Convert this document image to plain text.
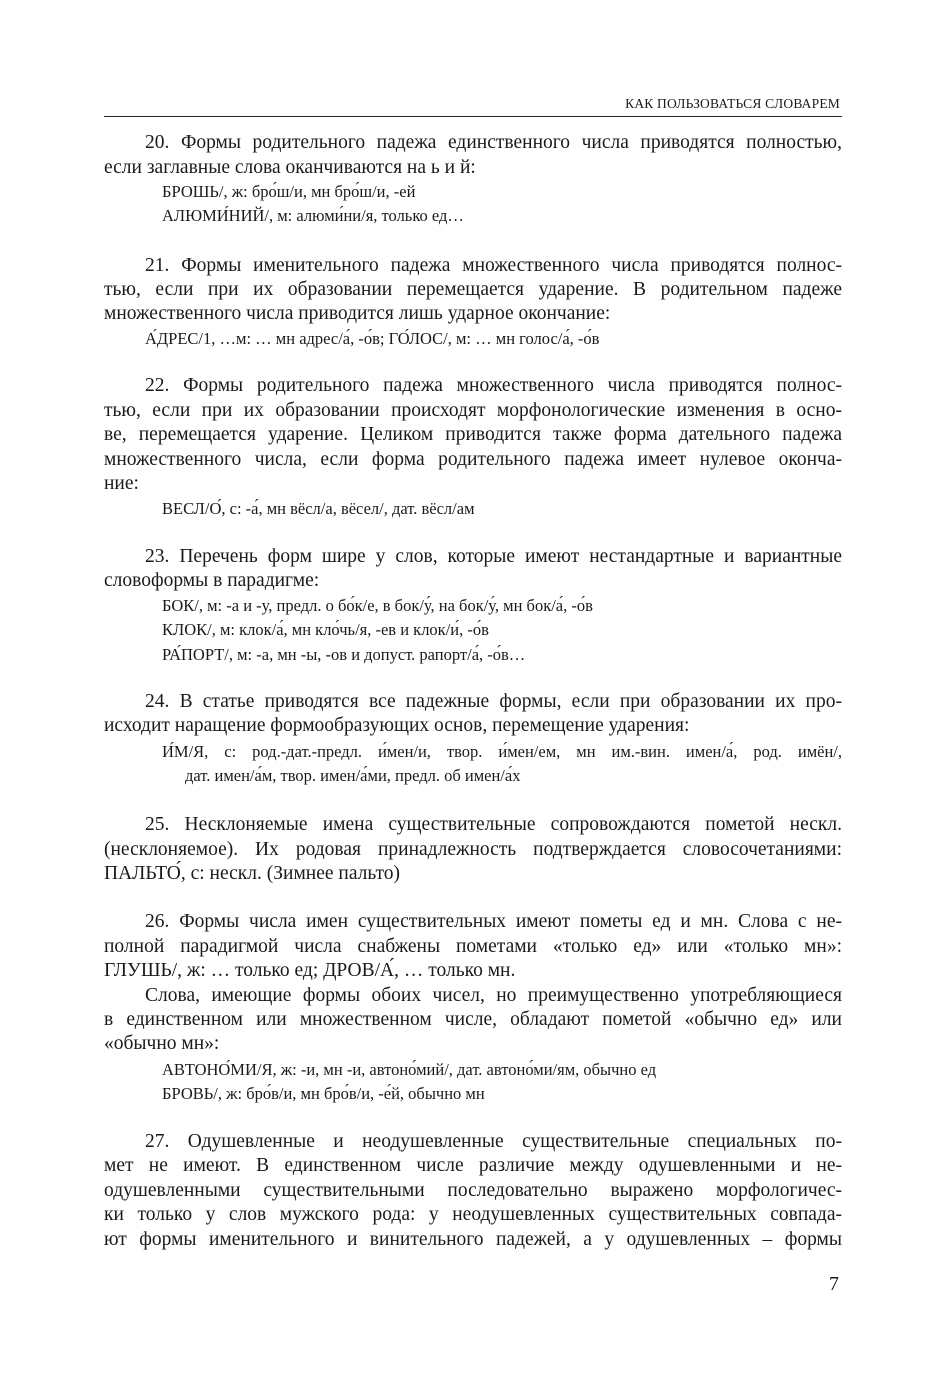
КАК ПОЛЬЗОВАТЬСЯ СЛОВАРЕМ
20. Формы родительного падежа единственного числа приводятся полностью,
если заглавные слова оканчиваются на ь и й:
БРОШЬ/, ж: бро́ш/и, мн бро́ш/и, -ей
АЛЮМИ́НИЙ/, м: алюми́ни/я, только ед…
21. Формы именительного падежа множественного числа приводятся полнос-
тью, если при их образовании перемещается ударение. В родительном падеже
множественного числа приводится лишь ударное окончание:
А́ДРЕС/1, …м: … мн адрес/а́, -о́в; ГО́ЛОС/, м: … мн голос/а́, -о́в
22. Формы родительного падежа множественного числа приводятся полнос-
тью, если при их образовании происходят морфонологические изменения в осно-
ве, перемещается ударение. Целиком приводится также форма дательного падежа
множественного числа, если форма родительного падежа имеет нулевое оконча-
ние:
ВЕСЛ/О́, с: -а́, мн вёсл/а, вёсел/, дат. вёсл/ам
23. Перечень форм шире у слов, которые имеют нестандартные и вариантные
словоформы в парадигме:
БОК/, м: -а и -у, предл. о бо́к/е, в бок/у́, на бок/у́, мн бок/а́, -о́в
КЛОК/, м: клок/а́, мн кло́чь/я, -ев и клок/и́, -о́в
РА́ПОРТ/, м: -а, мн -ы, -ов и допуст. рапорт/а́, -о́в…
24. В статье приводятся все падежные формы, если при образовании их про-
исходит наращение формообразующих основ, перемещение ударения:
И́М/Я, с: род.-дат.-предл. и́мен/и, твор. и́мен/ем, мн им.-вин. имен/а́, род. имён/,
дат. имен/а́м, твор. имен/а́ми, предл. об имен/а́х
25. Несклоняемые имена существительные сопровождаются пометой нескл.
(несклоняемое). Их родовая принадлежность подтверждается словосочетаниями:
ПАЛЬТО́, с: нескл. (Зимнее пальто)
26. Формы числа имен существительных имеют пометы ед и мн. Слова с не-
полной парадигмой числа снабжены пометами «только ед» или «только мн»:
ГЛУШЬ/, ж: … только ед; ДРОВ/А́, … только мн.
Слова, имеющие формы обоих чисел, но преимущественно употребляющиеся
в единственном или множественном числе, обладают пометой «обычно ед» или
«обычно мн»:
АВТОНО́МИ/Я, ж: -и, мн -и, автоно́мий/, дат. автоно́ми/ям, обычно ед
БРОВЬ/, ж: бро́в/и, мн бро́в/и, -е́й, обычно мн
27. Одушевленные и неодушевленные существительные специальных по-
мет не имеют. В единственном числе различие между одушевленными и не-
одушевленными существительными последовательно выражено морфологичес-
ки только у слов мужского рода: у неодушевленных существительных совпада-
ют формы именительного и винительного падежей, а у одушевленных – формы
7
